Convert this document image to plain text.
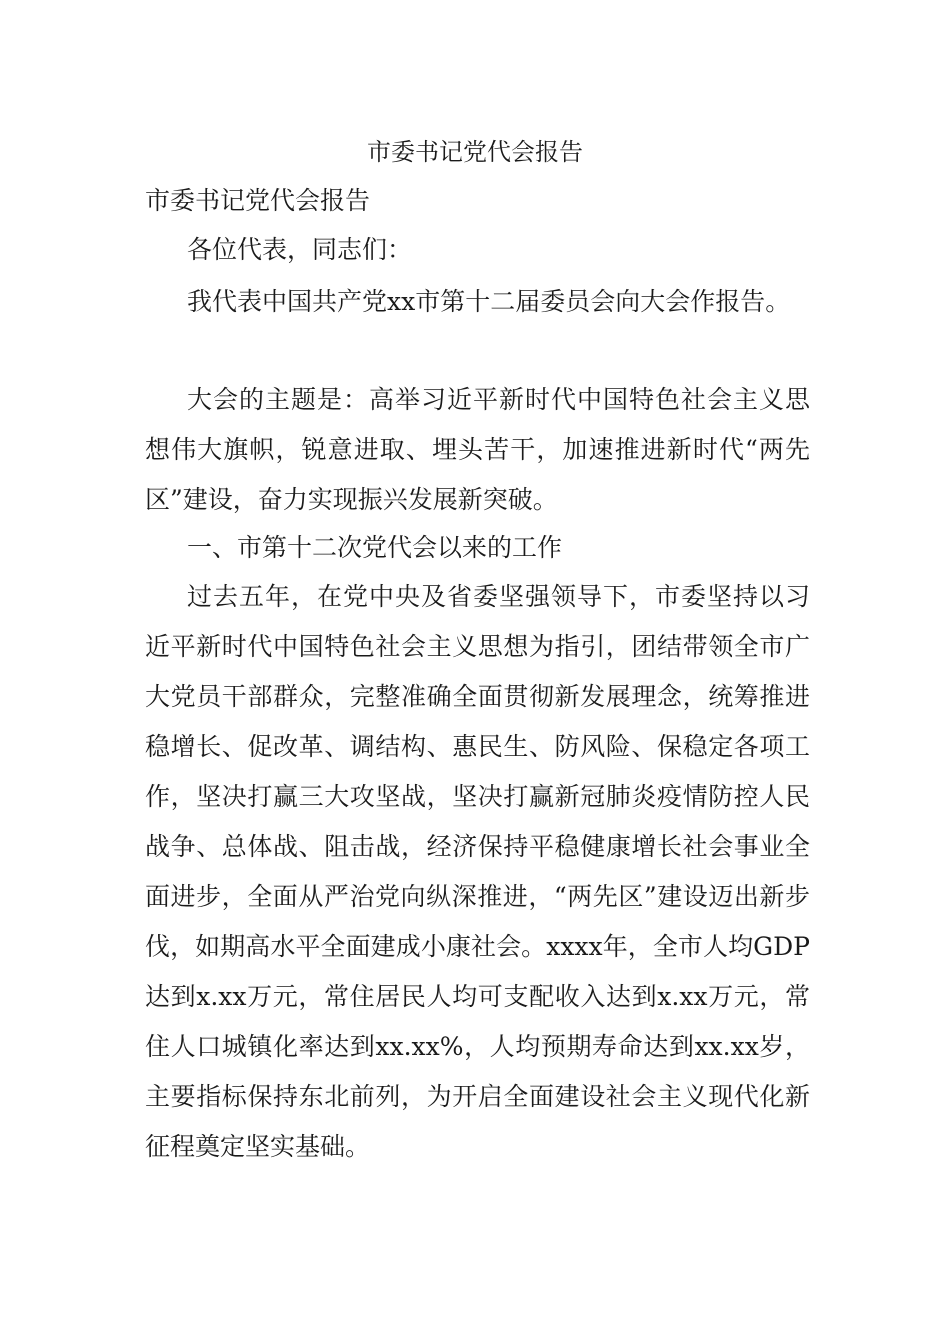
市委书记党代会报告

市委书记党代会报告

各位代表，同志们：

我代表中国共产党xx市第十二届委员会向大会作报告。

大会的主题是：高举习近平新时代中国特色社会主义思想伟大旗帜，锐意进取、埋头苦干，加速推进新时代“两先区”建设，奋力实现振兴发展新突破。

一、市第十二次党代会以来的工作

过去五年，在党中央及省委坚强领导下，市委坚持以习近平新时代中国特色社会主义思想为指引，团结带领全市广大党员干部群众，完整准确全面贯彻新发展理念，统筹推进稳增长、促改革、调结构、惠民生、防风险、保稳定各项工作，坚决打赢三大攻坚战，坚决打赢新冠肺炎疫情防控人民战争、总体战、阻击战，经济保持平稳健康增长社会事业全面进步，全面从严治党向纵深推进，“两先区”建设迈出新步伐，如期高水平全面建成小康社会。xxxx年，全市人均GDP达到x.xx万元，常住居民人均可支配收入达到x.xx万元，常住人口城镇化率达到xx.xx%，人均预期寿命达到xx.xx岁，主要指标保持东北前列，为开启全面建设社会主义现代化新征程奠定坚实基础。
